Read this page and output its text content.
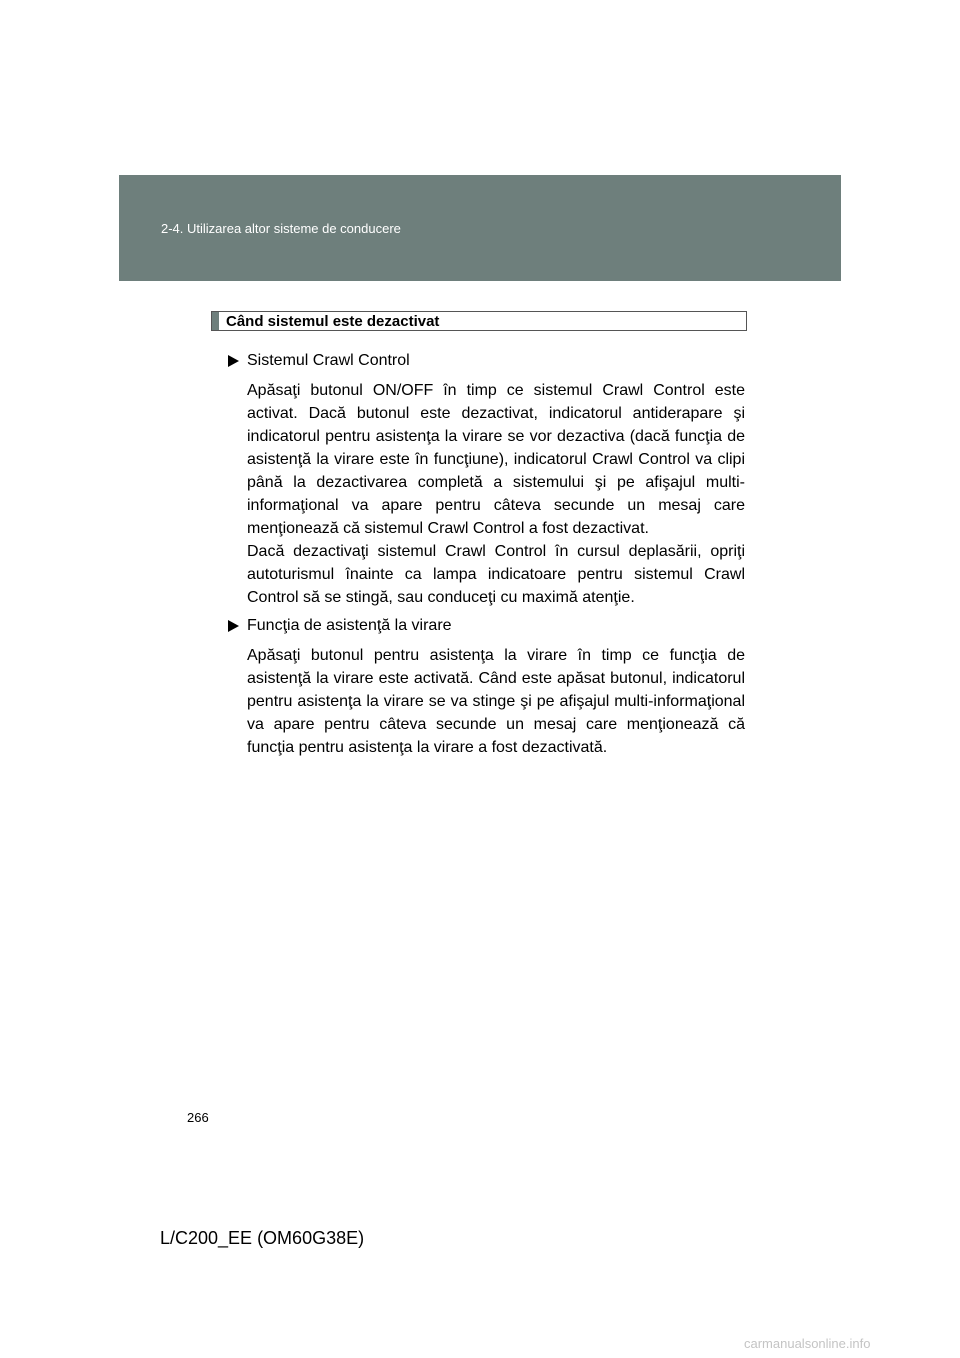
2-4. Utilizarea altor sisteme de conducere
Când sistemul este dezactivat
Sistemul Crawl Control

Apăsaţi butonul ON/OFF în timp ce sistemul Crawl Control este activat. Dacă butonul este dezactivat, indicatorul antiderapare şi indicatorul pentru asistenţa la virare se vor dezactiva (dacă funcţia de asistenţă la virare este în funcţiune), indicatorul Crawl Control va clipi până la dezactivarea completă a sistemului şi pe afişajul multi-informaţional va apare pentru câteva secunde un mesaj care menţionează că sistemul Crawl Control a fost dezactivat.

Dacă dezactivaţi sistemul Crawl Control în cursul deplasării, opriţi autoturismul înainte ca lampa indicatoare pentru sistemul Crawl Control să se stingă, sau conduceţi cu maximă atenţie.

Funcţia de asistenţă la virare

Apăsaţi butonul pentru asistenţa la virare în timp ce funcţia de asistenţă la virare este activată. Când este apăsat butonul, indicatorul pentru asistenţa la virare se va stinge şi pe afişajul multi-informaţional va apare pentru câteva secunde un mesaj care menţionează că funcţia pentru asistenţa la virare a fost dezactivată.

266
L/C200_EE (OM60G38E)
carmanualsonline.info
